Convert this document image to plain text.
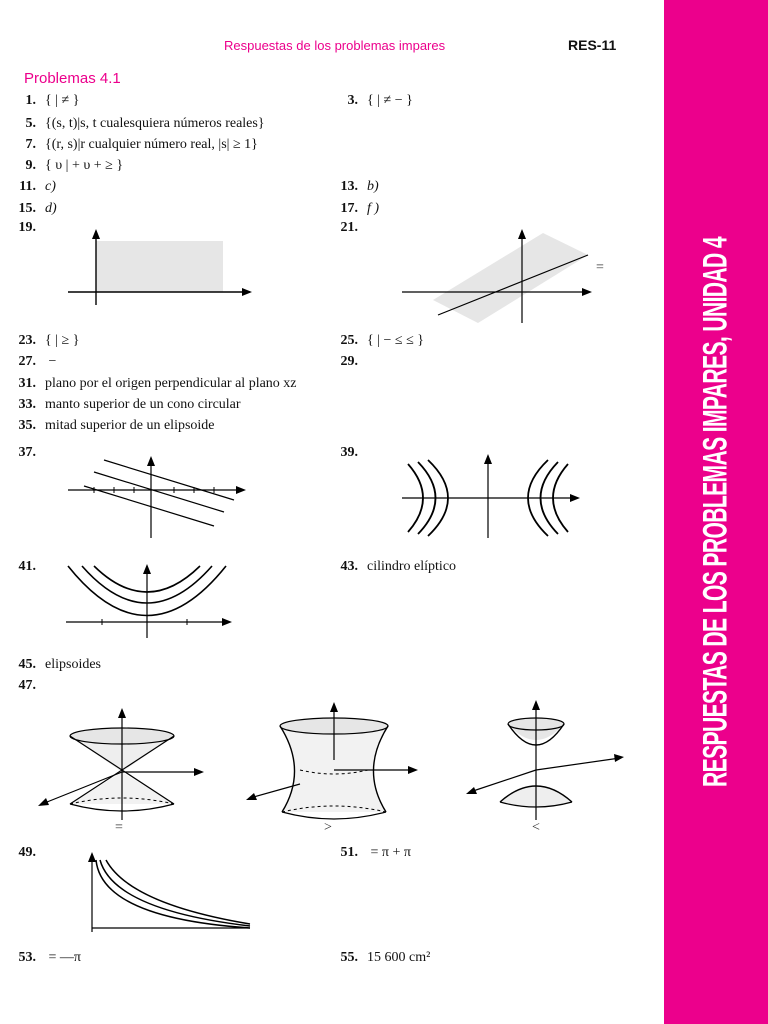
Respuestas de los problemas impares	RES-11
Problemas 4.1
RESPUESTAS DE LOS PROBLEMAS IMPARES, UNIDAD 4
1. { | ≠ }	3. { | ≠ − }
5. {(s, t)|s, t cualesquiera números reales}
7. {(r, s)|r cualquier número real, |s| ≥ 1}
9. { υ | + υ + ≥ }
11. c)	13. b)
15. d)	17. f )
19.	21.
=
23. { | ≥ }	25. { | − ≤ ≤ }
27. −	29.
31. plano por el origen perpendicular al plano xz
33. manto superior de un cono circular
35. mitad superior de un elipsoide
37.	39.
41.	43. cilindro elíptico
45. elipsoides
47.
=	>	<
49.	51. = π + π
53. = —π	55. 15 600 cm²
